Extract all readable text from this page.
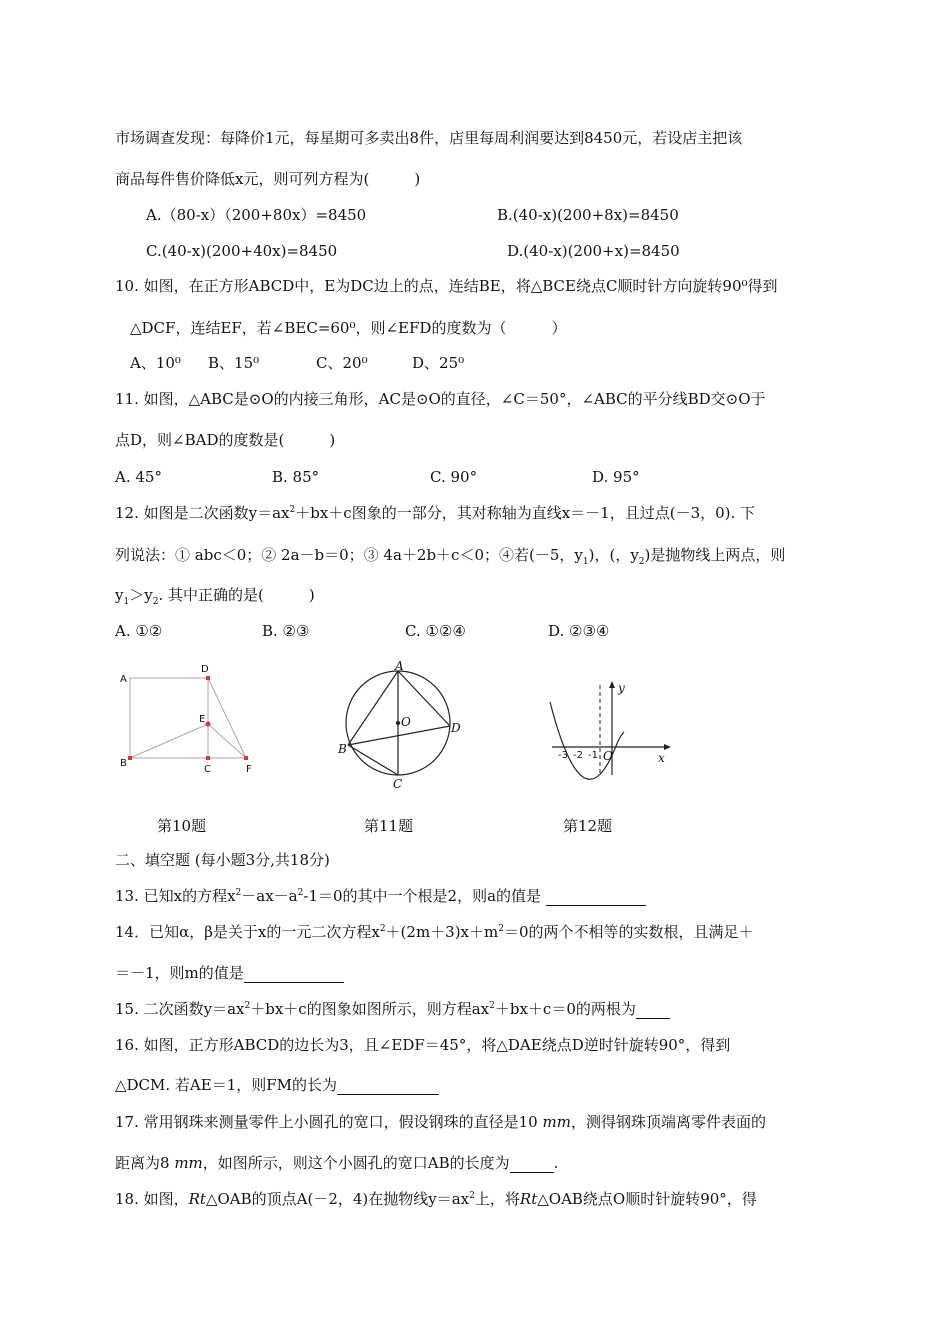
市场调查发现：每降价1元，每星期可多卖出8件，店里每周利润要达到8450元，若设店主把该
商品每件售价降低x元，则可列方程为(　　　)
A.（80-x）（200+80x）=8450	B.(40-x)(200+8x)=8450
C.(40-x)(200+40x)=8450	D.(40-x)(200+x)=8450
10. 如图，在正方形ABCD中，E为DC边上的点，连结BE，将△BCE绕点C顺时针方向旋转90⁰得到
△DCF，连结EF，若∠BEC=60⁰，则∠EFD的度数为（　　　）
A、10⁰ B、15⁰	C、20⁰	D、25⁰
11. 如图，△ABC是⊙O的内接三角形，AC是⊙O的直径，∠C＝50°，∠ABC的平分线BD交⊙O于
点D，则∠BAD的度数是(　　　)
A. 45°	B. 85°	C. 90°	D. 95°
12. 如图是二次函数$y=ax^2+bx+c$图象的一部分，其对称轴为直线x＝－1，且过点(－3，0). 下
列说法：① abc＜0；② 2a－b＝0；③ 4a＋2b＋c＜0；④若(－5，$y_1$)，(，$y_2$)是抛物线上两点，则
$y_1>y_2$. 其中正确的是(　　　)
A. ①②	B. ②③	C. ①②④	D. ②③④
A
D
E
B
C	F
A
O
B
D
C
y
x
-3 -2 -1 O
第10题	第11题	第12题
二、填空题 (每小题3分,共18分)
13. 已知x的方程$x^2-ax-a^2-1=0$的其中一个根是2，则a的值是
14．已知α，β是关于x的一元二次方程$x^2+(2m+3)x+m^2=0$的两个不相等的实数根，且满足＋
＝－1，则m的值是
15. 二次函数$y=ax^2+bx+c$的图象如图所示，则方程$ax^2+bx+c=0$的两根为
16. 如图，正方形ABCD的边长为3，且∠EDF＝45°，将△DAE绕点D逆时针旋转90°，得到
△DCM. 若AE＝1，则FM的长为
17. 常用钢珠来测量零件上小圆孔的宽口，假设钢珠的直径是10 mm，测得钢珠顶端离零件表面的
距离为8 mm，如图所示，则这个小圆孔的宽口AB的长度为	.
18. 如图，Rt△OAB的顶点A(－2，4)在抛物线$y=ax^2$上，将Rt△OAB绕点O顺时针旋转90°，得
